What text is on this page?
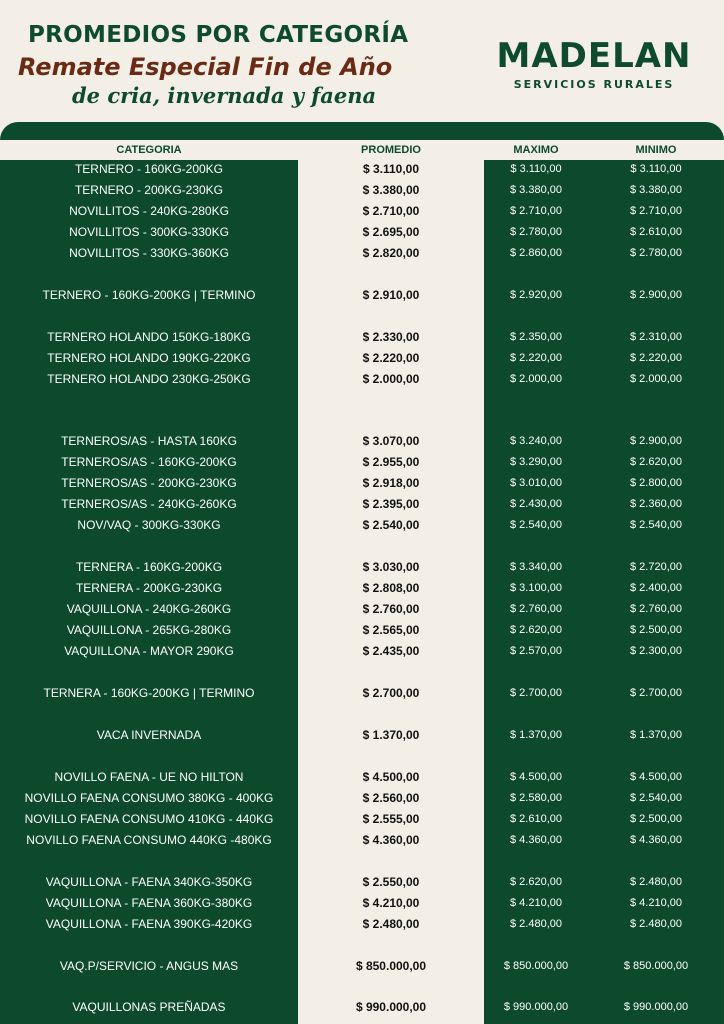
PROMEDIOS POR CATEGORÍA
Remate Especial Fin de Año
de cria, invernada y faena
MADELAN
SERVICIOS RURALES
CATEGORIA	PROMEDIO	MAXIMO	MINIMO
TERNERO - 160KG-200KG	$ 3.110,00	$ 3.110,00	$ 3.110,00
TERNERO - 200KG-230KG	$ 3.380,00	$ 3.380,00	$ 3.380,00
NOVILLITOS - 240KG-280KG	$ 2.710,00	$ 2.710,00	$ 2.710,00
NOVILLITOS - 300KG-330KG	$ 2.695,00	$ 2.780,00	$ 2.610,00
NOVILLITOS - 330KG-360KG	$ 2.820,00	$ 2.860,00	$ 2.780,00
TERNERO - 160KG-200KG | TERMINO	$ 2.910,00	$ 2.920,00	$ 2.900,00
TERNERO HOLANDO 150KG-180KG	$ 2.330,00	$ 2.350,00	$ 2.310,00
TERNERO HOLANDO 190KG-220KG	$ 2.220,00	$ 2.220,00	$ 2.220,00
TERNERO HOLANDO 230KG-250KG	$ 2.000,00	$ 2.000,00	$ 2.000,00
TERNEROS/AS - HASTA 160KG	$ 3.070,00	$ 3.240,00	$ 2.900,00
TERNEROS/AS - 160KG-200KG	$ 2.955,00	$ 3.290,00	$ 2.620,00
TERNEROS/AS - 200KG-230KG	$ 2.918,00	$ 3.010,00	$ 2.800,00
TERNEROS/AS - 240KG-260KG	$ 2.395,00	$ 2.430,00	$ 2.360,00
NOV/VAQ - 300KG-330KG	$ 2.540,00	$ 2.540,00	$ 2.540,00
TERNERA - 160KG-200KG	$ 3.030,00	$ 3.340,00	$ 2.720,00
TERNERA - 200KG-230KG	$ 2.808,00	$ 3.100,00	$ 2.400,00
VAQUILLONA - 240KG-260KG	$ 2.760,00	$ 2.760,00	$ 2.760,00
VAQUILLONA - 265KG-280KG	$ 2.565,00	$ 2.620,00	$ 2.500,00
VAQUILLONA - MAYOR 290KG	$ 2.435,00	$ 2.570,00	$ 2.300,00
TERNERA - 160KG-200KG | TERMINO	$ 2.700,00	$ 2.700,00	$ 2.700,00
VACA INVERNADA	$ 1.370,00	$ 1.370,00	$ 1.370,00
NOVILLO FAENA - UE NO HILTON	$ 4.500,00	$ 4.500,00	$ 4.500,00
NOVILLO FAENA CONSUMO 380KG - 400KG	$ 2.560,00	$ 2.580,00	$ 2.540,00
NOVILLO FAENA CONSUMO 410KG - 440KG	$ 2.555,00	$ 2.610,00	$ 2.500,00
NOVILLO FAENA CONSUMO 440KG -480KG	$ 4.360,00	$ 4.360,00	$ 4.360,00
VAQUILLONA - FAENA 340KG-350KG	$ 2.550,00	$ 2.620,00	$ 2.480,00
VAQUILLONA - FAENA 360KG-380KG	$ 4.210,00	$ 4.210,00	$ 4.210,00
VAQUILLONA - FAENA 390KG-420KG	$ 2.480,00	$ 2.480,00	$ 2.480,00
VAQ.P/SERVICIO - ANGUS MAS	$ 850.000,00	$ 850.000,00	$ 850.000,00
VAQUILLONAS PREÑADAS	$ 990.000,00	$ 990.000,00	$ 990.000,00
